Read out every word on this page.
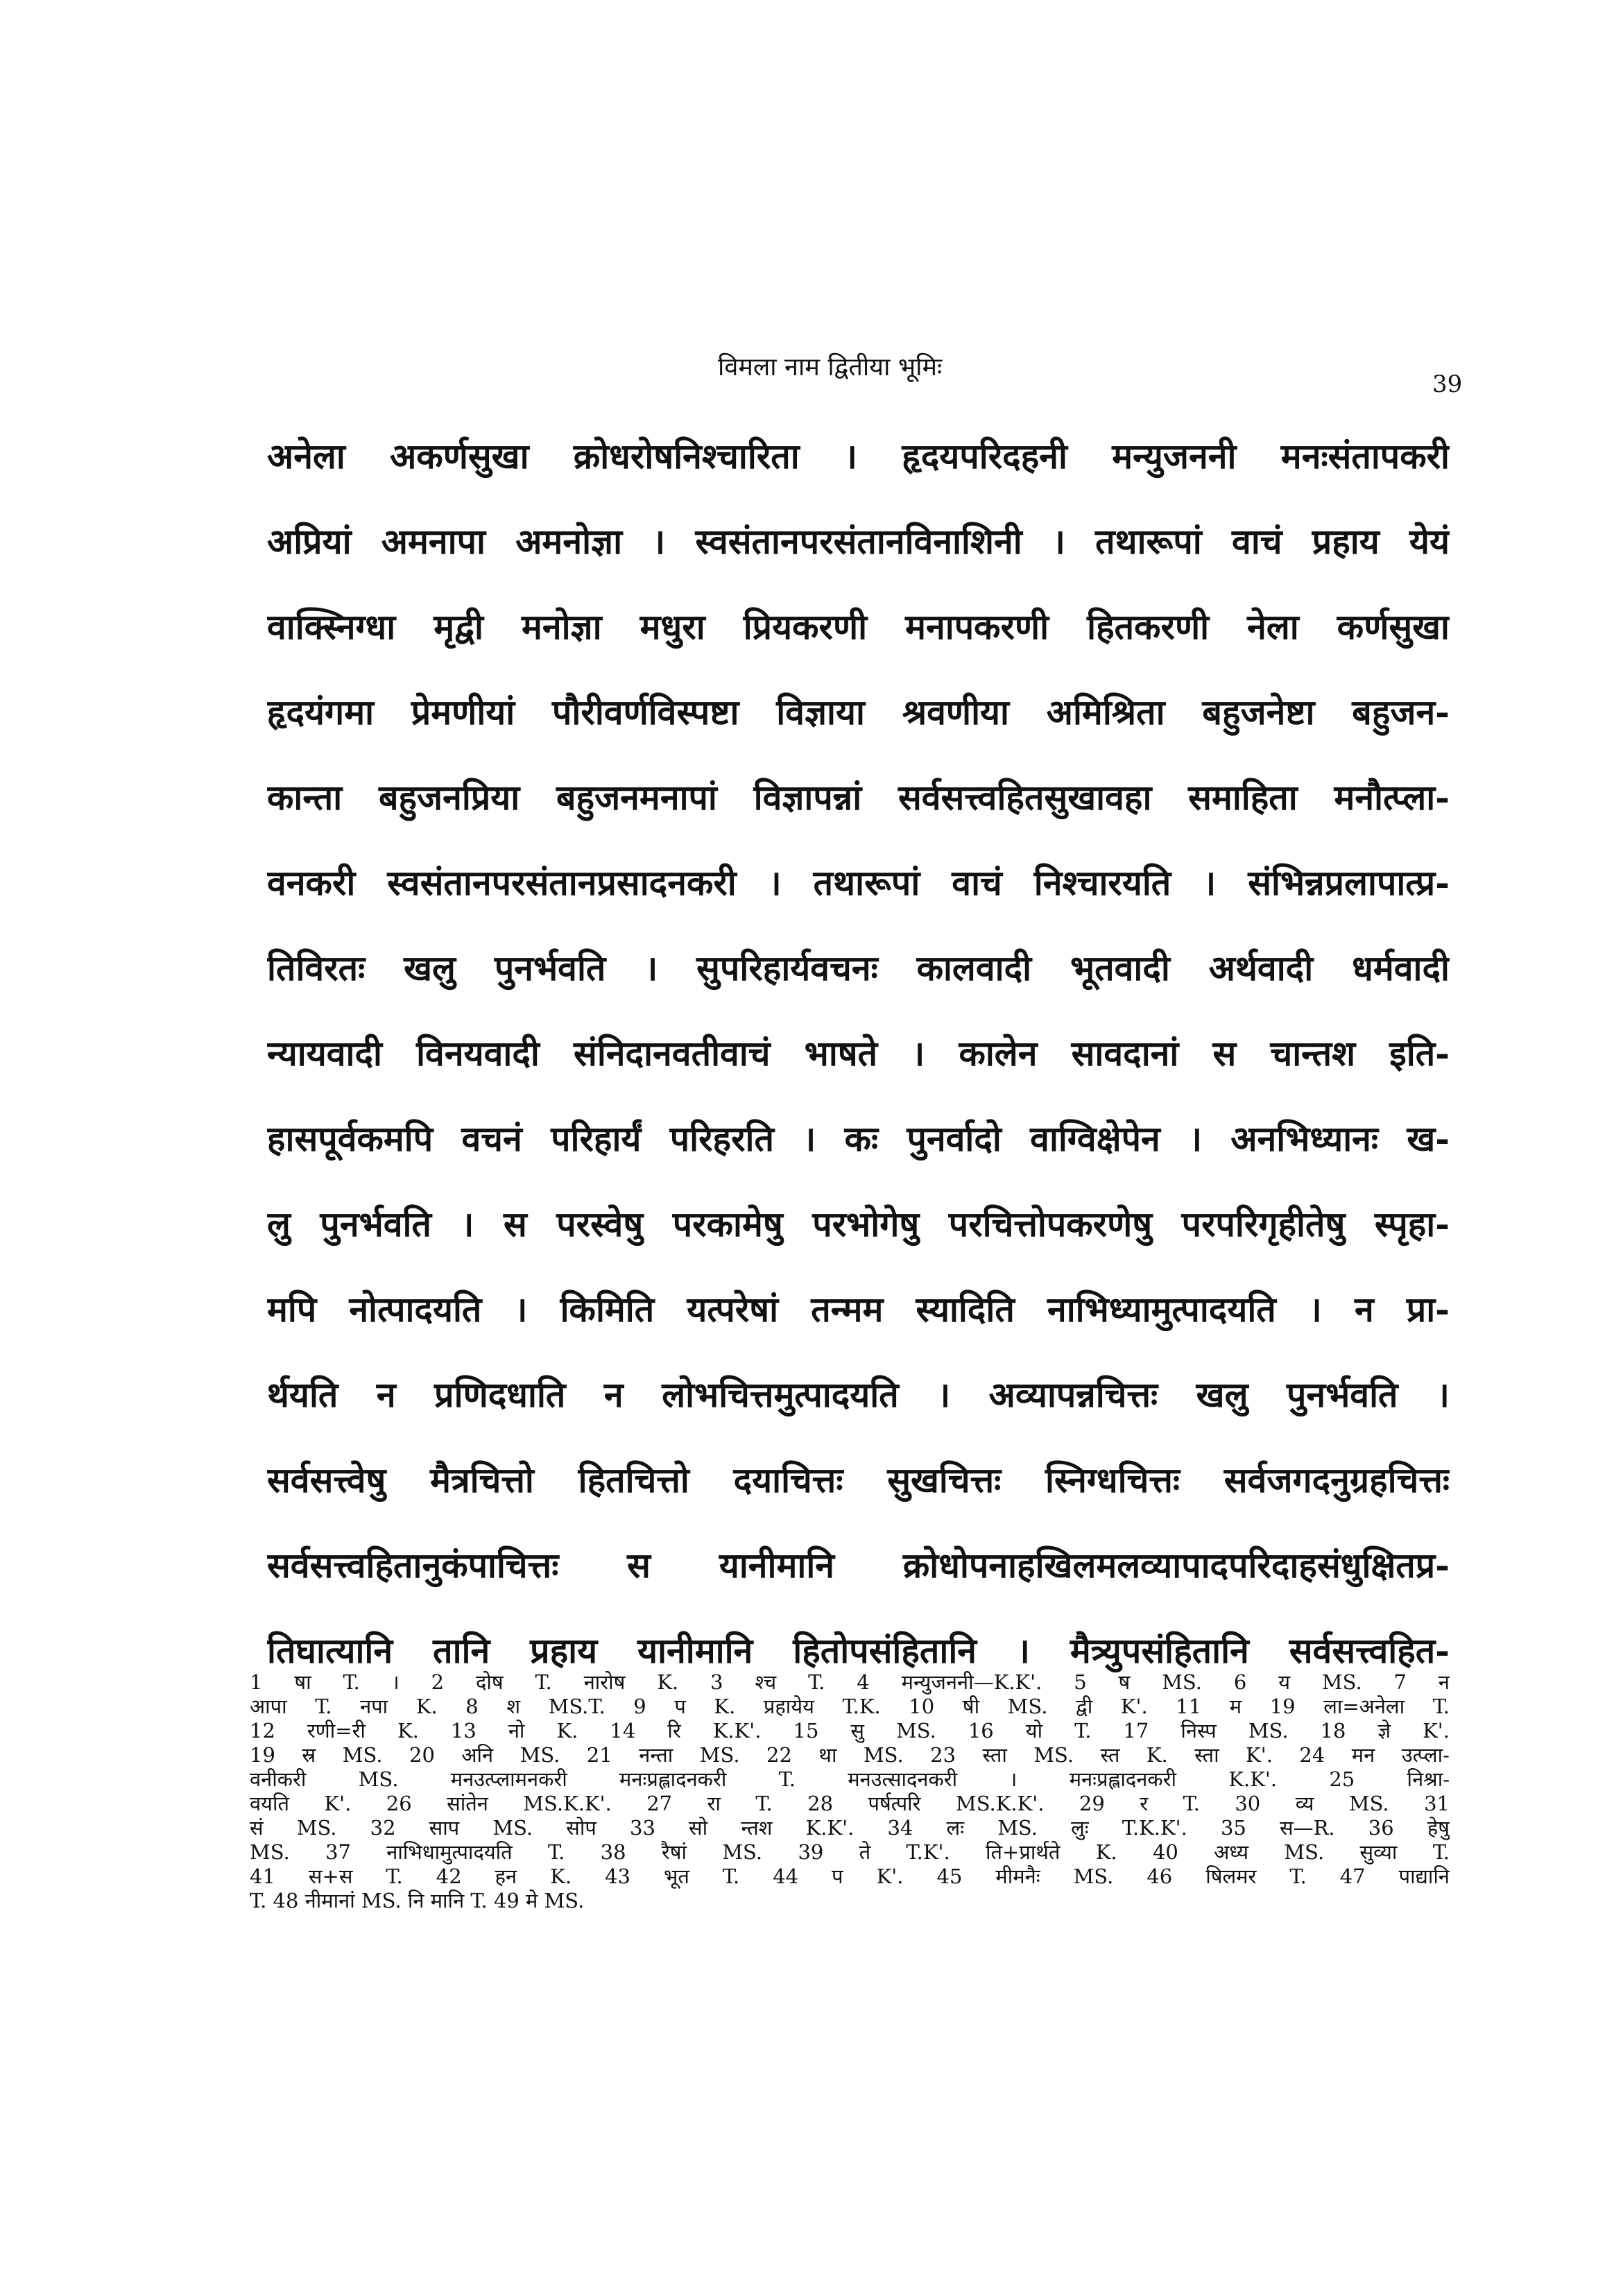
विमला नाम द्वितीया भूमिः
39
अनेला अकर्णसुखा क्रोधरोषनिश्चारिता । हृदयपरिदहनी मन्युजननी मनःसंतापकरी
अप्रियां अमनापा अमनोज्ञा । स्वसंतानपरसंतानविनाशिनी । तथारूपां वाचं प्रहाय येयं
वाक्स्निग्धा मृद्वी मनोज्ञा मधुरा प्रियकरणी मनापकरणी हितकरणी नेला कर्णसुखा
हृदयंगमा प्रेमणीयां पौरीवर्णविस्पष्टा विज्ञाया श्रवणीया अमिश्रिता बहुजनेष्टा बहुजन-
कान्ता बहुजनप्रिया बहुजनमनापां विज्ञापन्नां सर्वसत्त्वहितसुखावहा समाहिता मनौत्प्ला-
वनकरी स्वसंतानपरसंतानप्रसादनकरी । तथारूपां वाचं निश्चारयति । संभिन्नप्रलापात्प्र-
तिविरतः खलु पुनर्भवति । सुपरिहार्यवचनः कालवादी भूतवादी अर्थवादी धर्मवादी
न्यायवादी विनयवादी संनिदानवतीवाचं भाषते । कालेन सावदानां स चान्तश इति-
हासपूर्वकमपि वचनं परिहार्यं परिहरति । कः पुनर्वादो वाग्विक्षेपेन । अनभिध्यानः ख-
लु पुनर्भवति । स परस्वेषु परकामेषु परभोगेषु परचित्तोपकरणेषु परपरिगृहीतेषु स्पृहा-
मपि नोत्पादयति । किमिति यत्परेषां तन्मम स्यादिति नाभिध्यामुत्पादयति । न प्रा-
र्थयति न प्रणिदधाति न लोभचित्तमुत्पादयति । अव्यापन्नचित्तः खलु पुनर्भवति ।
सर्वसत्त्वेषु मैत्रचित्तो हितचित्तो दयाचित्तः सुखचित्तः स्निग्धचित्तः सर्वजगदनुग्रहचित्तः
सर्वसत्त्वहितानुकंपाचित्तः स यानीमानि क्रोधोपनाहखिलमलव्यापादपरिदाहसंधुक्षितप्र-
तिघात्यानि तानि प्रहाय यानीमानि हितोपसंहितानि । मैत्र्युपसंहितानि सर्वसत्त्वहित-
1 षा T. । 2 दोष T. नारोष K. 3 श्च T. 4 मन्युजननी—K.K'. 5 ष MS. 6 य MS. 7 न
आपा T. नपा K. 8 श MS.T. 9 प K. प्रहायेय T.K. 10 षी MS. द्वी K'. 11 म 19 ला=अनेला T.
12 रणी=री K. 13 नो K. 14 रि K.K'. 15 सु MS. 16 यो T. 17 निस्प MS. 18 ज्ञे K'.
19 स्र MS. 20 अनि MS. 21 नन्ता MS. 22 था MS. 23 स्ता MS. स्त K. स्ता K'. 24 मन उत्प्ला-
वनीकरी MS. मनउत्प्लामनकरी मनःप्रह्लादनकरी T. मनउत्सादनकरी । मनःप्रह्लादनकरी K.K'. 25 निश्रा-
वयति K'. 26 सांतेन MS.K.K'. 27 रा T. 28 पर्षत्परि MS.K.K'. 29 र T. 30 व्य MS. 31
सं MS. 32 साप MS. सोप 33 सो न्तश K.K'. 34 लः MS. लुः T.K.K'. 35 स—R. 36 हेषु
MS. 37 नाभिधामुत्पादयति T. 38 रैषां MS. 39 ते T.K'. ति+प्रार्थते K. 40 अध्य MS. सुव्या T.
41 स+स T. 42 हन K. 43 भूत T. 44 प K'. 45 मीमनैः MS. 46 षिलमर T. 47 पाद्यानि
T. 48 नीमानां MS. नि मानि T. 49 मे MS.
